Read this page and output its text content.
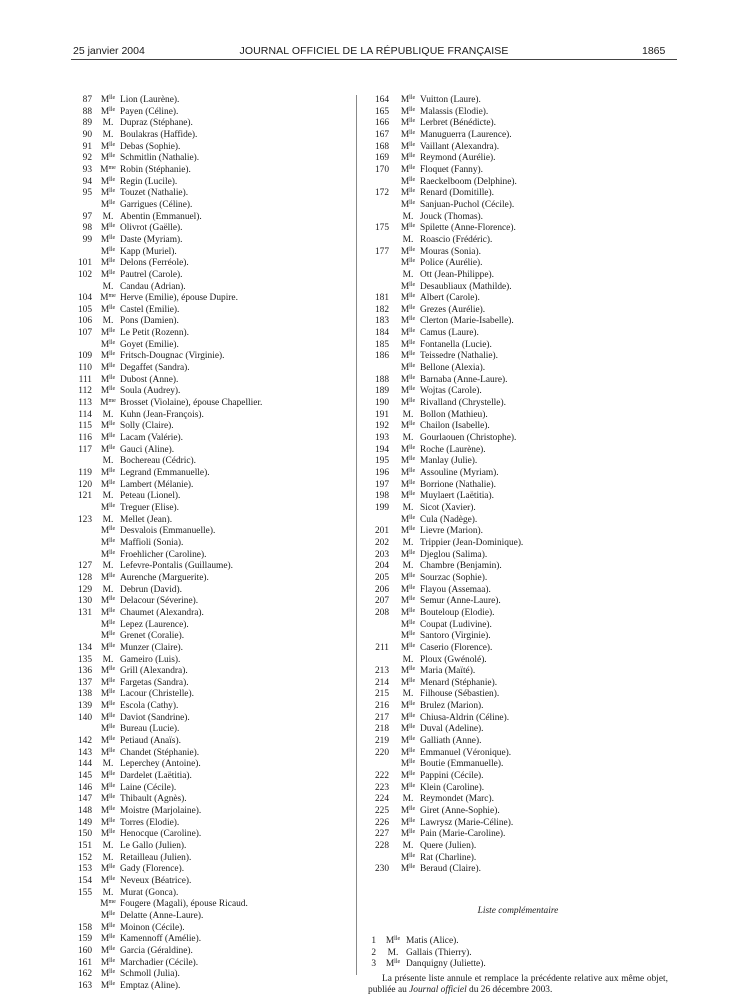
25 janvier 2004	JOURNAL OFFICIEL DE LA RÉPUBLIQUE FRANÇAISE	1865
87 $M^{lle}$ Lion (Laurène).
88 $M^{lle}$ Payen (Céline).
89	M. Dupraz (Stéphane).
90	M. Boulakras (Haffide).
91 $M^{lle}$ Debas (Sophie).
92 $M^{lle}$ Schmitlin (Nathalie).
93 $M^{me}$ Robin (Stéphanie).
94 $M^{lle}$ Regin (Lucile).
95 $M^{lle}$ Touzet (Nathalie).
$M^{lle}$ Garrigues (Céline).
97	M. Abentin (Emmanuel).
98 $M^{lle}$ Olivrot (Gaëlle).
99 $M^{lle}$ Daste (Myriam).
$M^{lle}$ Kapp (Muriel).
101 $M^{lle}$ Delons (Ferréole).
102 $M^{lle}$ Pautrel (Carole).
M. Candau (Adrian).
104 $M^{me}$ Herve (Emilie), épouse Dupire.
105 $M^{lle}$ Castel (Emilie).
106	M. Pons (Damien).
107 $M^{lle}$ Le Petit (Rozenn).
$M^{lle}$ Goyet (Emilie).
109 $M^{lle}$ Fritsch-Dougnac (Virginie).
110 $M^{lle}$ Degaffet (Sandra).
111 $M^{lle}$ Dubost (Anne).
112 $M^{lle}$ Soula (Audrey).
113 $M^{me}$ Brosset (Violaine), épouse Chapellier.
114	M. Kuhn (Jean-François).
115 $M^{lle}$ Solly (Claire).
116 $M^{lle}$ Lacam (Valérie).
117 $M^{lle}$ Gauci (Aline).
M. Bochereau (Cédric).
119 $M^{lle}$ Legrand (Emmanuelle).
120 $M^{lle}$ Lambert (Mélanie).
121	M. Peteau (Lionel).
$M^{lle}$ Treguer (Elise).
123	M. Mellet (Jean).
$M^{lle}$ Desvalois (Emmanuelle).
$M^{lle}$ Maffioli (Sonia).
$M^{lle}$ Froehlicher (Caroline).
127	M. Lefevre-Pontalis (Guillaume).
128 $M^{lle}$ Aurenche (Marguerite).
129	M. Debrun (David).
130 $M^{lle}$ Delacour (Séverine).
131 $M^{lle}$ Chaumet (Alexandra).
$M^{lle}$ Lepez (Laurence).
$M^{lle}$ Grenet (Coralie).
134 $M^{lle}$ Munzer (Claire).
135	M. Gameiro (Luis).
136 $M^{lle}$ Grill (Alexandra).
137 $M^{lle}$ Fargetas (Sandra).
138 $M^{lle}$ Lacour (Christelle).
139 $M^{lle}$ Escola (Cathy).
140 $M^{lle}$ Daviot (Sandrine).
$M^{lle}$ Bureau (Lucie).
142 $M^{lle}$ Petiaud (Anaïs).
143 $M^{lle}$ Chandet (Stéphanie).
144	M. Leperchey (Antoine).
145 $M^{lle}$ Dardelet (Laëtitia).
146 $M^{lle}$ Laine (Cécile).
147 $M^{lle}$ Thibault (Agnès).
148 $M^{lle}$ Moistre (Marjolaine).
149 $M^{lle}$ Torres (Elodie).
150 $M^{lle}$ Henocque (Caroline).
151	M. Le Gallo (Julien).
152	M. Retailleau (Julien).
153 $M^{lle}$ Gady (Florence).
154 $M^{lle}$ Neveux (Béatrice).
155	M. Murat (Gonca).
$M^{me}$ Fougere (Magali), épouse Ricaud.
$M^{lle}$ Delatte (Anne-Laure).
158 $M^{lle}$ Moinon (Cécile).
159 $M^{lle}$ Kamennoff (Amélie).
160 $M^{lle}$ Garcia (Géraldine).
161 $M^{lle}$ Marchadier (Cécile).
162 $M^{lle}$ Schmoll (Julia).
163 $M^{lle}$ Emptaz (Aline).
164	$M^{lle}$ Vuitton (Laure).
165	$M^{lle}$ Malassis (Elodie).
166	$M^{lle}$ Lerbret (Bénédicte).
167	$M^{lle}$ Manuguerra (Laurence).
168	$M^{lle}$ Vaillant (Alexandra).
169	$M^{lle}$ Reymond (Aurélie).
170	$M^{lle}$ Floquet (Fanny).
$M^{lle}$ Raeckelboom (Delphine).
172	$M^{lle}$ Renard (Domitille).
$M^{lle}$ Sanjuan-Puchol (Cécile).
M. Jouck (Thomas).
175	$M^{lle}$ Spilette (Anne-Florence).
M. Roascio (Frédéric).
177	$M^{lle}$ Mouras (Sonia).
$M^{lle}$ Police (Aurélie).
M. Ott (Jean-Philippe).
$M^{lle}$ Desaubliaux (Mathilde).
181	$M^{lle}$ Albert (Carole).
182	$M^{lle}$ Grezes (Aurélie).
183	$M^{lle}$ Clerton (Marie-Isabelle).
184	$M^{lle}$ Camus (Laure).
185	$M^{lle}$ Fontanella (Lucie).
186	$M^{lle}$ Teissedre (Nathalie).
$M^{lle}$ Bellone (Alexia).
188	$M^{lle}$ Barnaba (Anne-Laure).
189	$M^{lle}$ Wojtas (Carole).
190	$M^{lle}$ Rivalland (Chrystelle).
191	M. Bollon (Mathieu).
192	$M^{lle}$ Chailon (Isabelle).
193	M. Gourlaouen (Christophe).
194	$M^{lle}$ Roche (Laurène).
195	$M^{lle}$ Manlay (Julie).
196	$M^{lle}$ Assouline (Myriam).
197	$M^{lle}$ Borrione (Nathalie).
198	$M^{lle}$ Muylaert (Laëtitia).
199	M. Sicot (Xavier).
$M^{lle}$ Cula (Nadège).
201	$M^{lle}$ Lievre (Marion).
202	M. Trippier (Jean-Dominique).
203	$M^{lle}$ Djeglou (Salima).
204	M. Chambre (Benjamin).
205	$M^{lle}$ Sourzac (Sophie).
206	$M^{lle}$ Flayou (Assemaa).
207	$M^{lle}$ Semur (Anne-Laure).
208	$M^{lle}$ Bouteloup (Elodie).
$M^{lle}$ Coupat (Ludivine).
$M^{lle}$ Santoro (Virginie).
211	$M^{lle}$ Caserio (Florence).
M. Ploux (Gwénolé).
213	$M^{lle}$ Maria (Maïté).
214	$M^{lle}$ Menard (Stéphanie).
215	M. Filhouse (Sébastien).
216	$M^{lle}$ Brulez (Marion).
217	$M^{lle}$ Chiusa-Aldrin (Céline).
218	$M^{lle}$ Duval (Adeline).
219	$M^{lle}$ Galliath (Anne).
220	$M^{lle}$ Emmanuel (Véronique).
$M^{lle}$ Boutie (Emmanuelle).
222	$M^{lle}$ Pappini (Cécile).
223	$M^{lle}$ Klein (Caroline).
224	M. Reymondet (Marc).
225	$M^{lle}$ Giret (Anne-Sophie).
226	$M^{lle}$ Lawrysz (Marie-Céline).
227	$M^{lle}$ Pain (Marie-Caroline).
228	M. Quere (Julien).
$M^{lle}$ Rat (Charline).
230	$M^{lle}$ Beraud (Claire).
Liste complémentaire
1	$M^{lle}$ Matis (Alice).
2	M. Gallais (Thierry).
3	$M^{lle}$ Danquigny (Juliette).
La présente liste annule et remplace la précédente relative aux même objet, publiée au Journal officiel du 26 décembre 2003.
